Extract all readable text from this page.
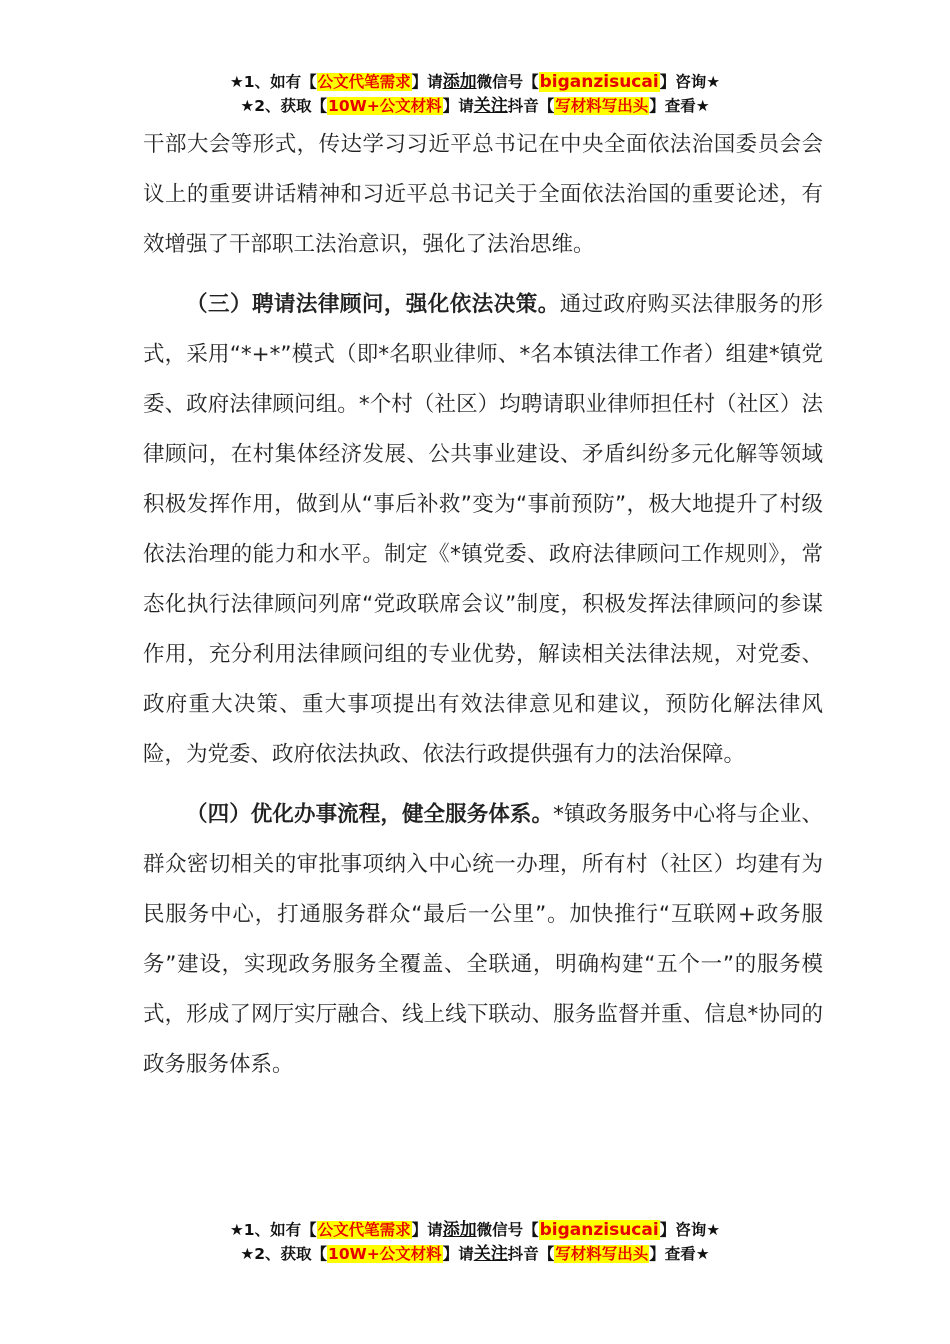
★1、如有【公文代笔需求】请添加微信号【biganzisucai】咨询★
★2、获取【10W+公文材料】请关注抖音【写材料写出头】查看★

干部大会等形式，传达学习习近平总书记在中央全面依法治国委员会会议上的重要讲话精神和习近平总书记关于全面依法治国的重要论述，有效增强了干部职工法治意识，强化了法治思维。

（三）聘请法律顾问，强化依法决策。通过政府购买法律服务的形式，采用“*+*”模式（即*名职业律师、*名本镇法律工作者）组建*镇党委、政府法律顾问组。*个村（社区）均聘请职业律师担任村（社区）法律顾问，在村集体经济发展、公共事业建设、矛盾纠纷多元化解等领域积极发挥作用，做到从“事后补救”变为“事前预防”，极大地提升了村级依法治理的能力和水平。制定《*镇党委、政府法律顾问工作规则》，常态化执行法律顾问列席“党政联席会议”制度，积极发挥法律顾问的参谋作用，充分利用法律顾问组的专业优势，解读相关法律法规，对党委、政府重大决策、重大事项提出有效法律意见和建议，预防化解法律风险，为党委、政府依法执政、依法行政提供强有力的法治保障。

（四）优化办事流程，健全服务体系。*镇政务服务中心将与企业、群众密切相关的审批事项纳入中心统一办理，所有村（社区）均建有为民服务中心，打通服务群众“最后一公里”。加快推行“互联网+政务服务”建设，实现政务服务全覆盖、全联通，明确构建“五个一”的服务模式，形成了网厅实厅融合、线上线下联动、服务监督并重、信息*协同的政务服务体系。

★1、如有【公文代笔需求】请添加微信号【biganzisucai】咨询★
★2、获取【10W+公文材料】请关注抖音【写材料写出头】查看★
